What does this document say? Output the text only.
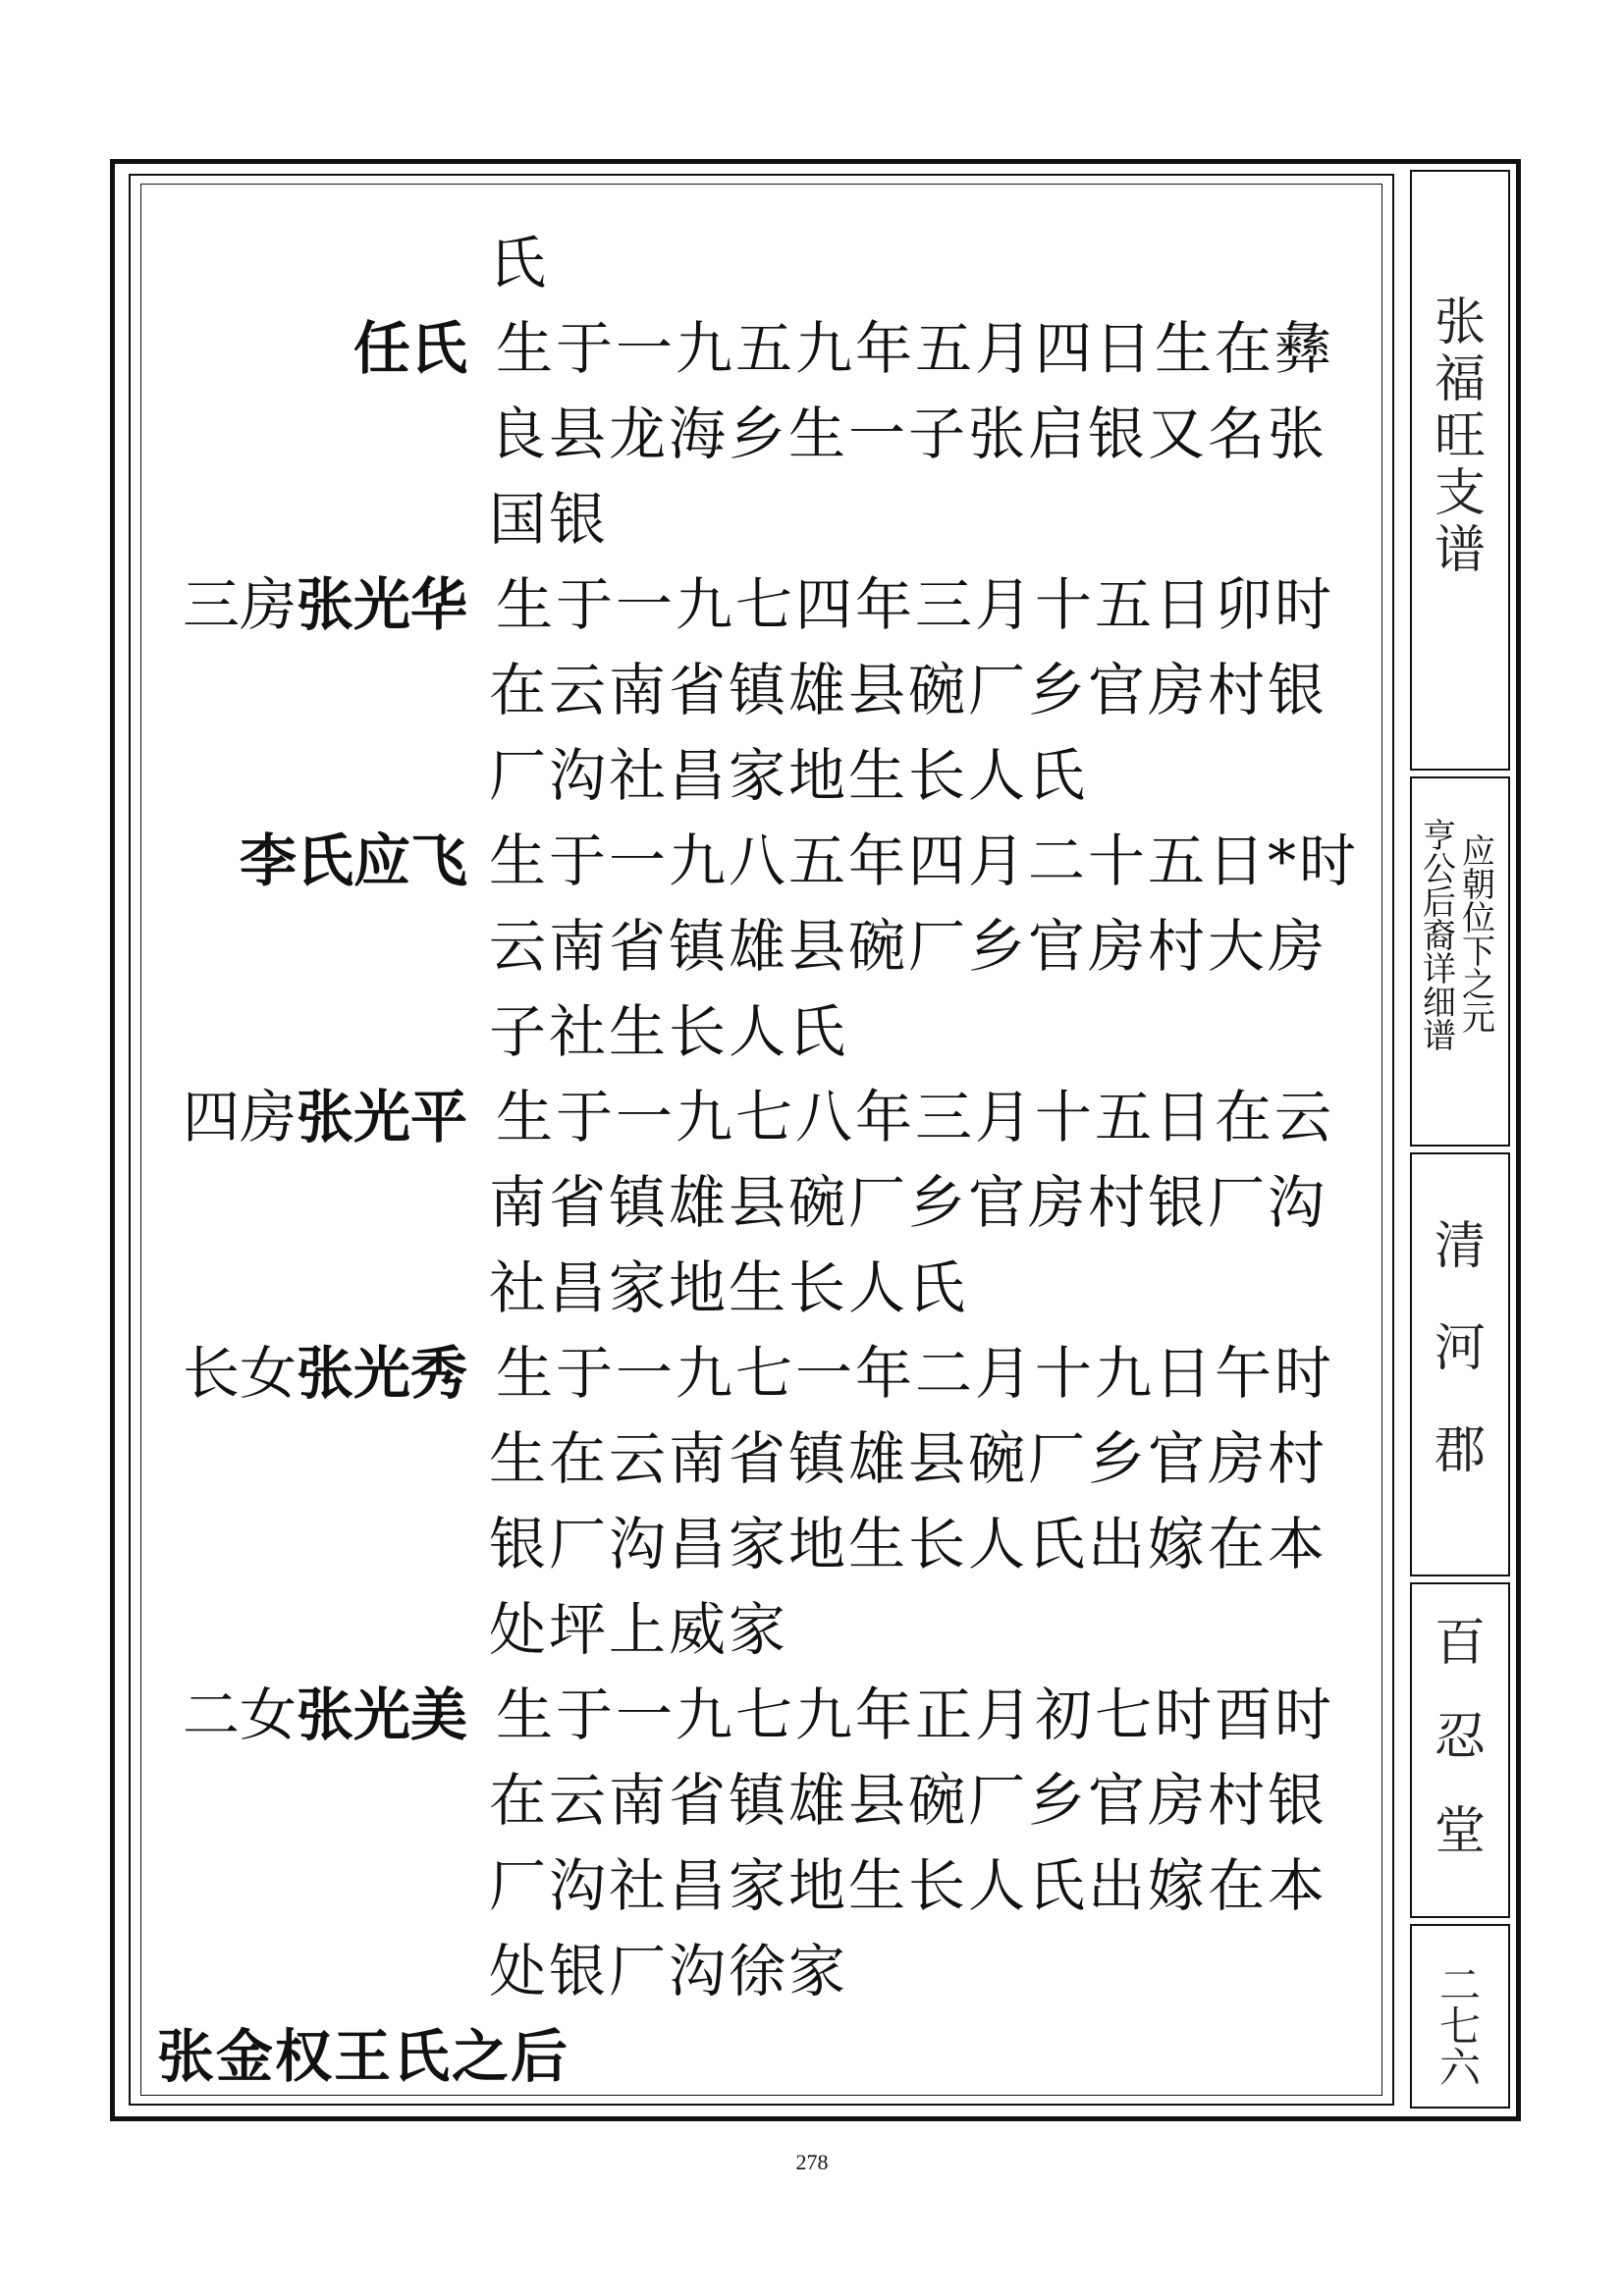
氏
任氏 生于一九五九年五月四日生在彝
良县龙海乡生一子张启银又名张
国银
三房张光华 生于一九七四年三月十五日卯时
在云南省镇雄县碗厂乡官房村银
厂沟社昌家地生长人氏
李氏应飞 生于一九八五年四月二十五日*时
云南省镇雄县碗厂乡官房村大房
子社生长人氏
四房张光平 生于一九七八年三月十五日在云
南省镇雄县碗厂乡官房村银厂沟
社昌家地生长人氏
长女张光秀 生于一九七一年二月十九日午时
生在云南省镇雄县碗厂乡官房村
银厂沟昌家地生长人氏出嫁在本
处坪上威家
二女张光美 生于一九七九年正月初七时酉时
在云南省镇雄县碗厂乡官房村银
厂沟社昌家地生长人氏出嫁在本
处银厂沟徐家
张金权王氏之后
张福旺支谱
亨公后裔详细谱
应朝位下之元
清河郡
百忍堂
二七六
278
